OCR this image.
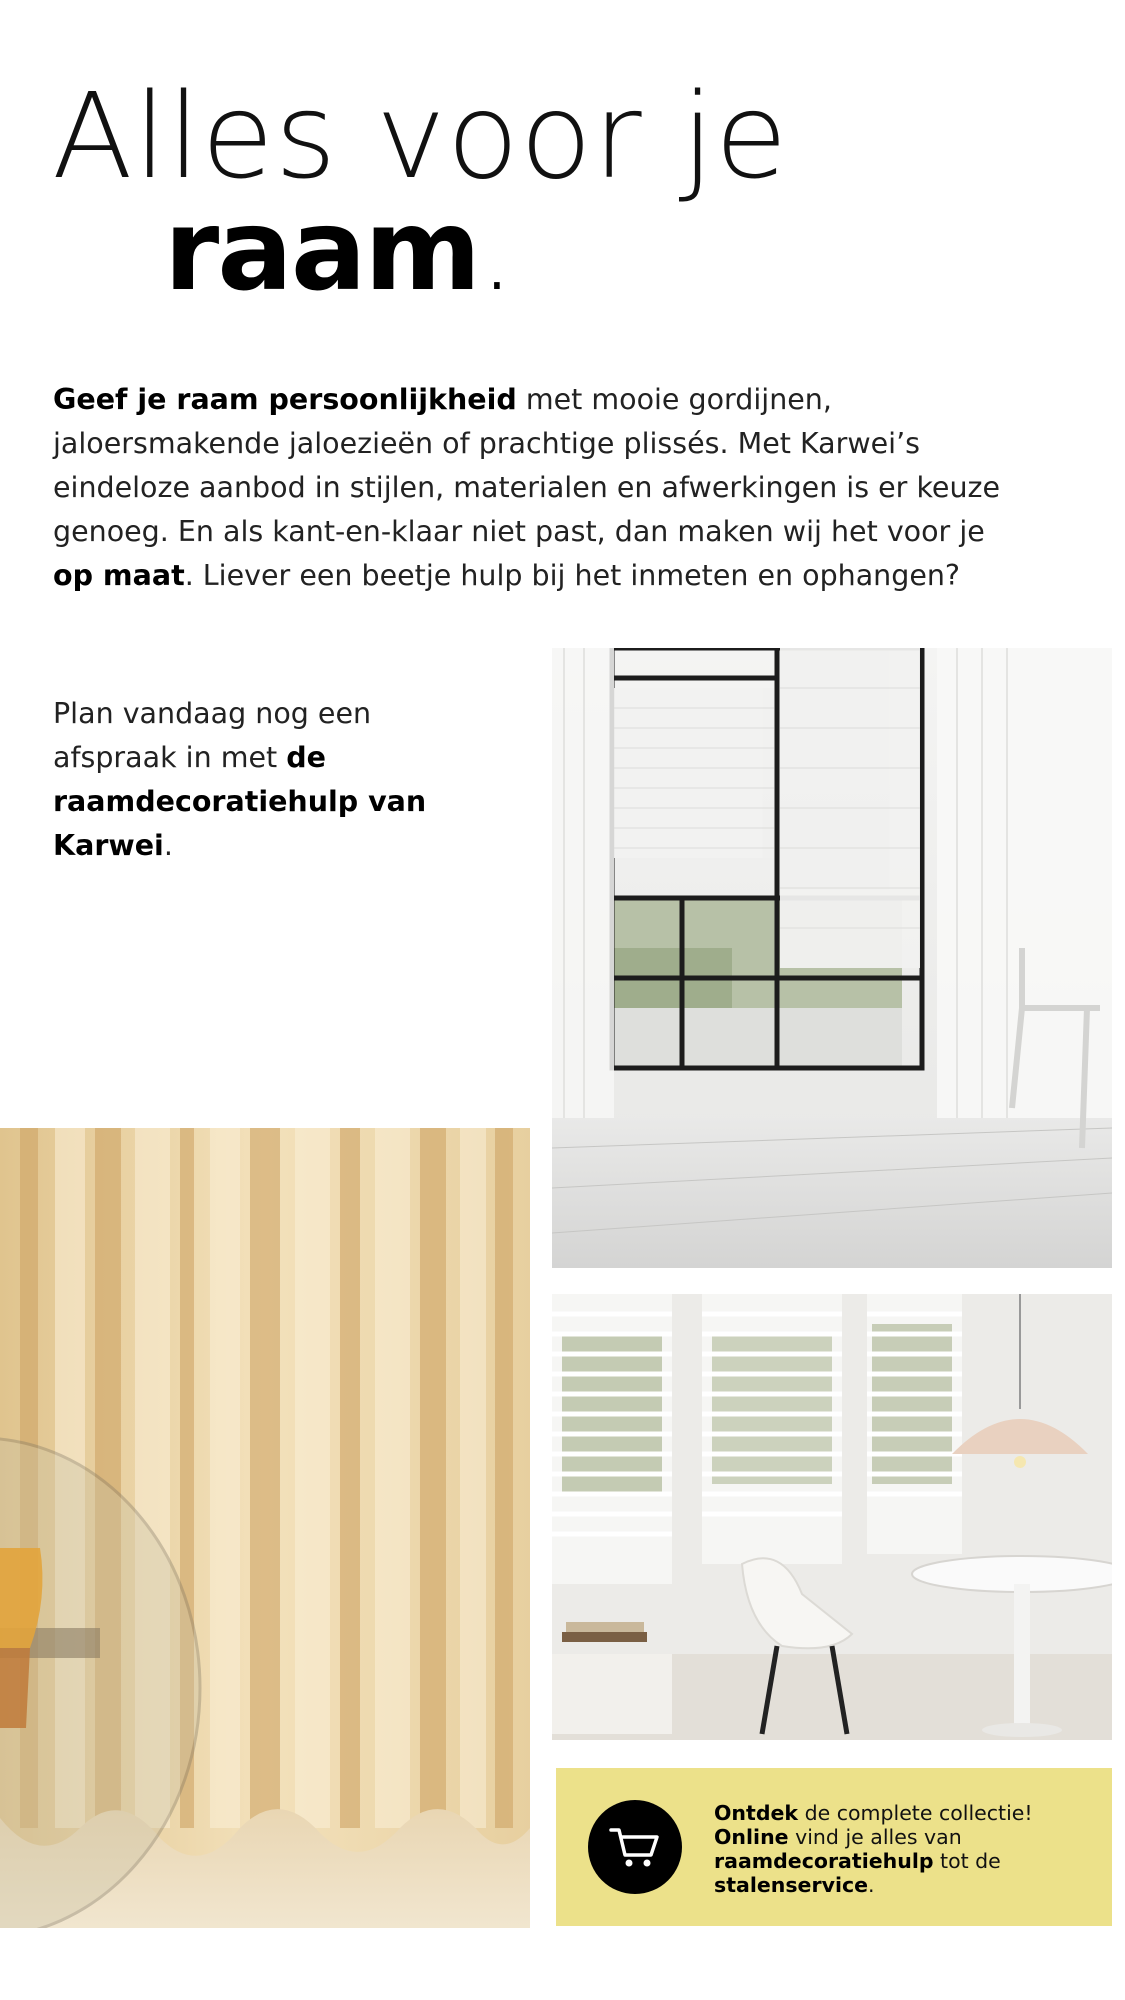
Alles voor je
raam.

Geef je raam persoonlijkheid met mooie gordijnen, jaloersmakende jaloezieën of prachtige plissés. Met Karwei’s eindeloze aanbod in stijlen, materialen en afwerkingen is er keuze genoeg. En als kant-en-klaar niet past, dan maken wij het voor je op maat. Liever een beetje hulp bij het inmeten en ophangen?

Plan vandaag nog een afspraak in met de raamdecoratiehulp van Karwei.

Ontdek de complete collectie! Online vind je alles van raamdecoratiehulp tot de stalenservice.
